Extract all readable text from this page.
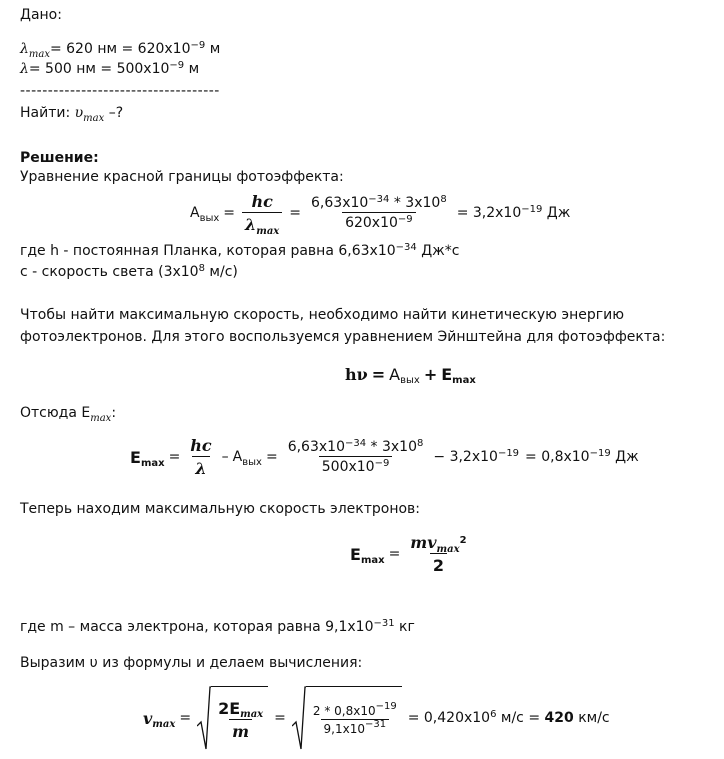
Дано:
$\lambda_{max}= 620$ нм = $620х10^{-9}$ м
λ= 500 нм = $500х10^{-9}$ м
------------------------------------
Найти: $\upsilon_{max}$ –?
Решение:
Уравнение красной границы фотоэффекта:
$А_{вых} = \frac{hc}{\lambda_{max}} = \frac{6,63х10^{-34} * 3х10^8}{620х10^{-9}} = 3,2х10^{-19}$ Дж
где h - постоянная Планка, которая равна $6,63х10^{-34}$ Дж*с
с - скорость света ($3х10^8$ м/с)
Чтобы найти максимальную скорость, необходимо найти кинетическую энергию
фотоэлектронов. Для этого воспользуемся уравнением Эйнштейна для фотоэффекта:
$h\nu = А_{вых} + E_{max}$
Отсюда $E_{max}$:
$E_{max} = \frac{hc}{\lambda} - А_{вых} = \frac{6,63х10^{-34} * 3х10^8}{500х10^{-9}} - 3,2х10^{-19} = 0,8х10^{-19}$ Дж
Теперь находим максимальную скорость электронов:
$E_{max} = \frac{mv_{max}^2}{2}$
где m – масса электрона, которая равна $9,1х10^{-31}$ кг
Выразим υ из формулы и делаем вычисления:
$v_{max} = \frac{2E_{max}}{m} = \frac{2 * 0,8х10^{-19}}{9,1х10^{-31}} = 0,420х10^6$ м/с = 420 км/с
